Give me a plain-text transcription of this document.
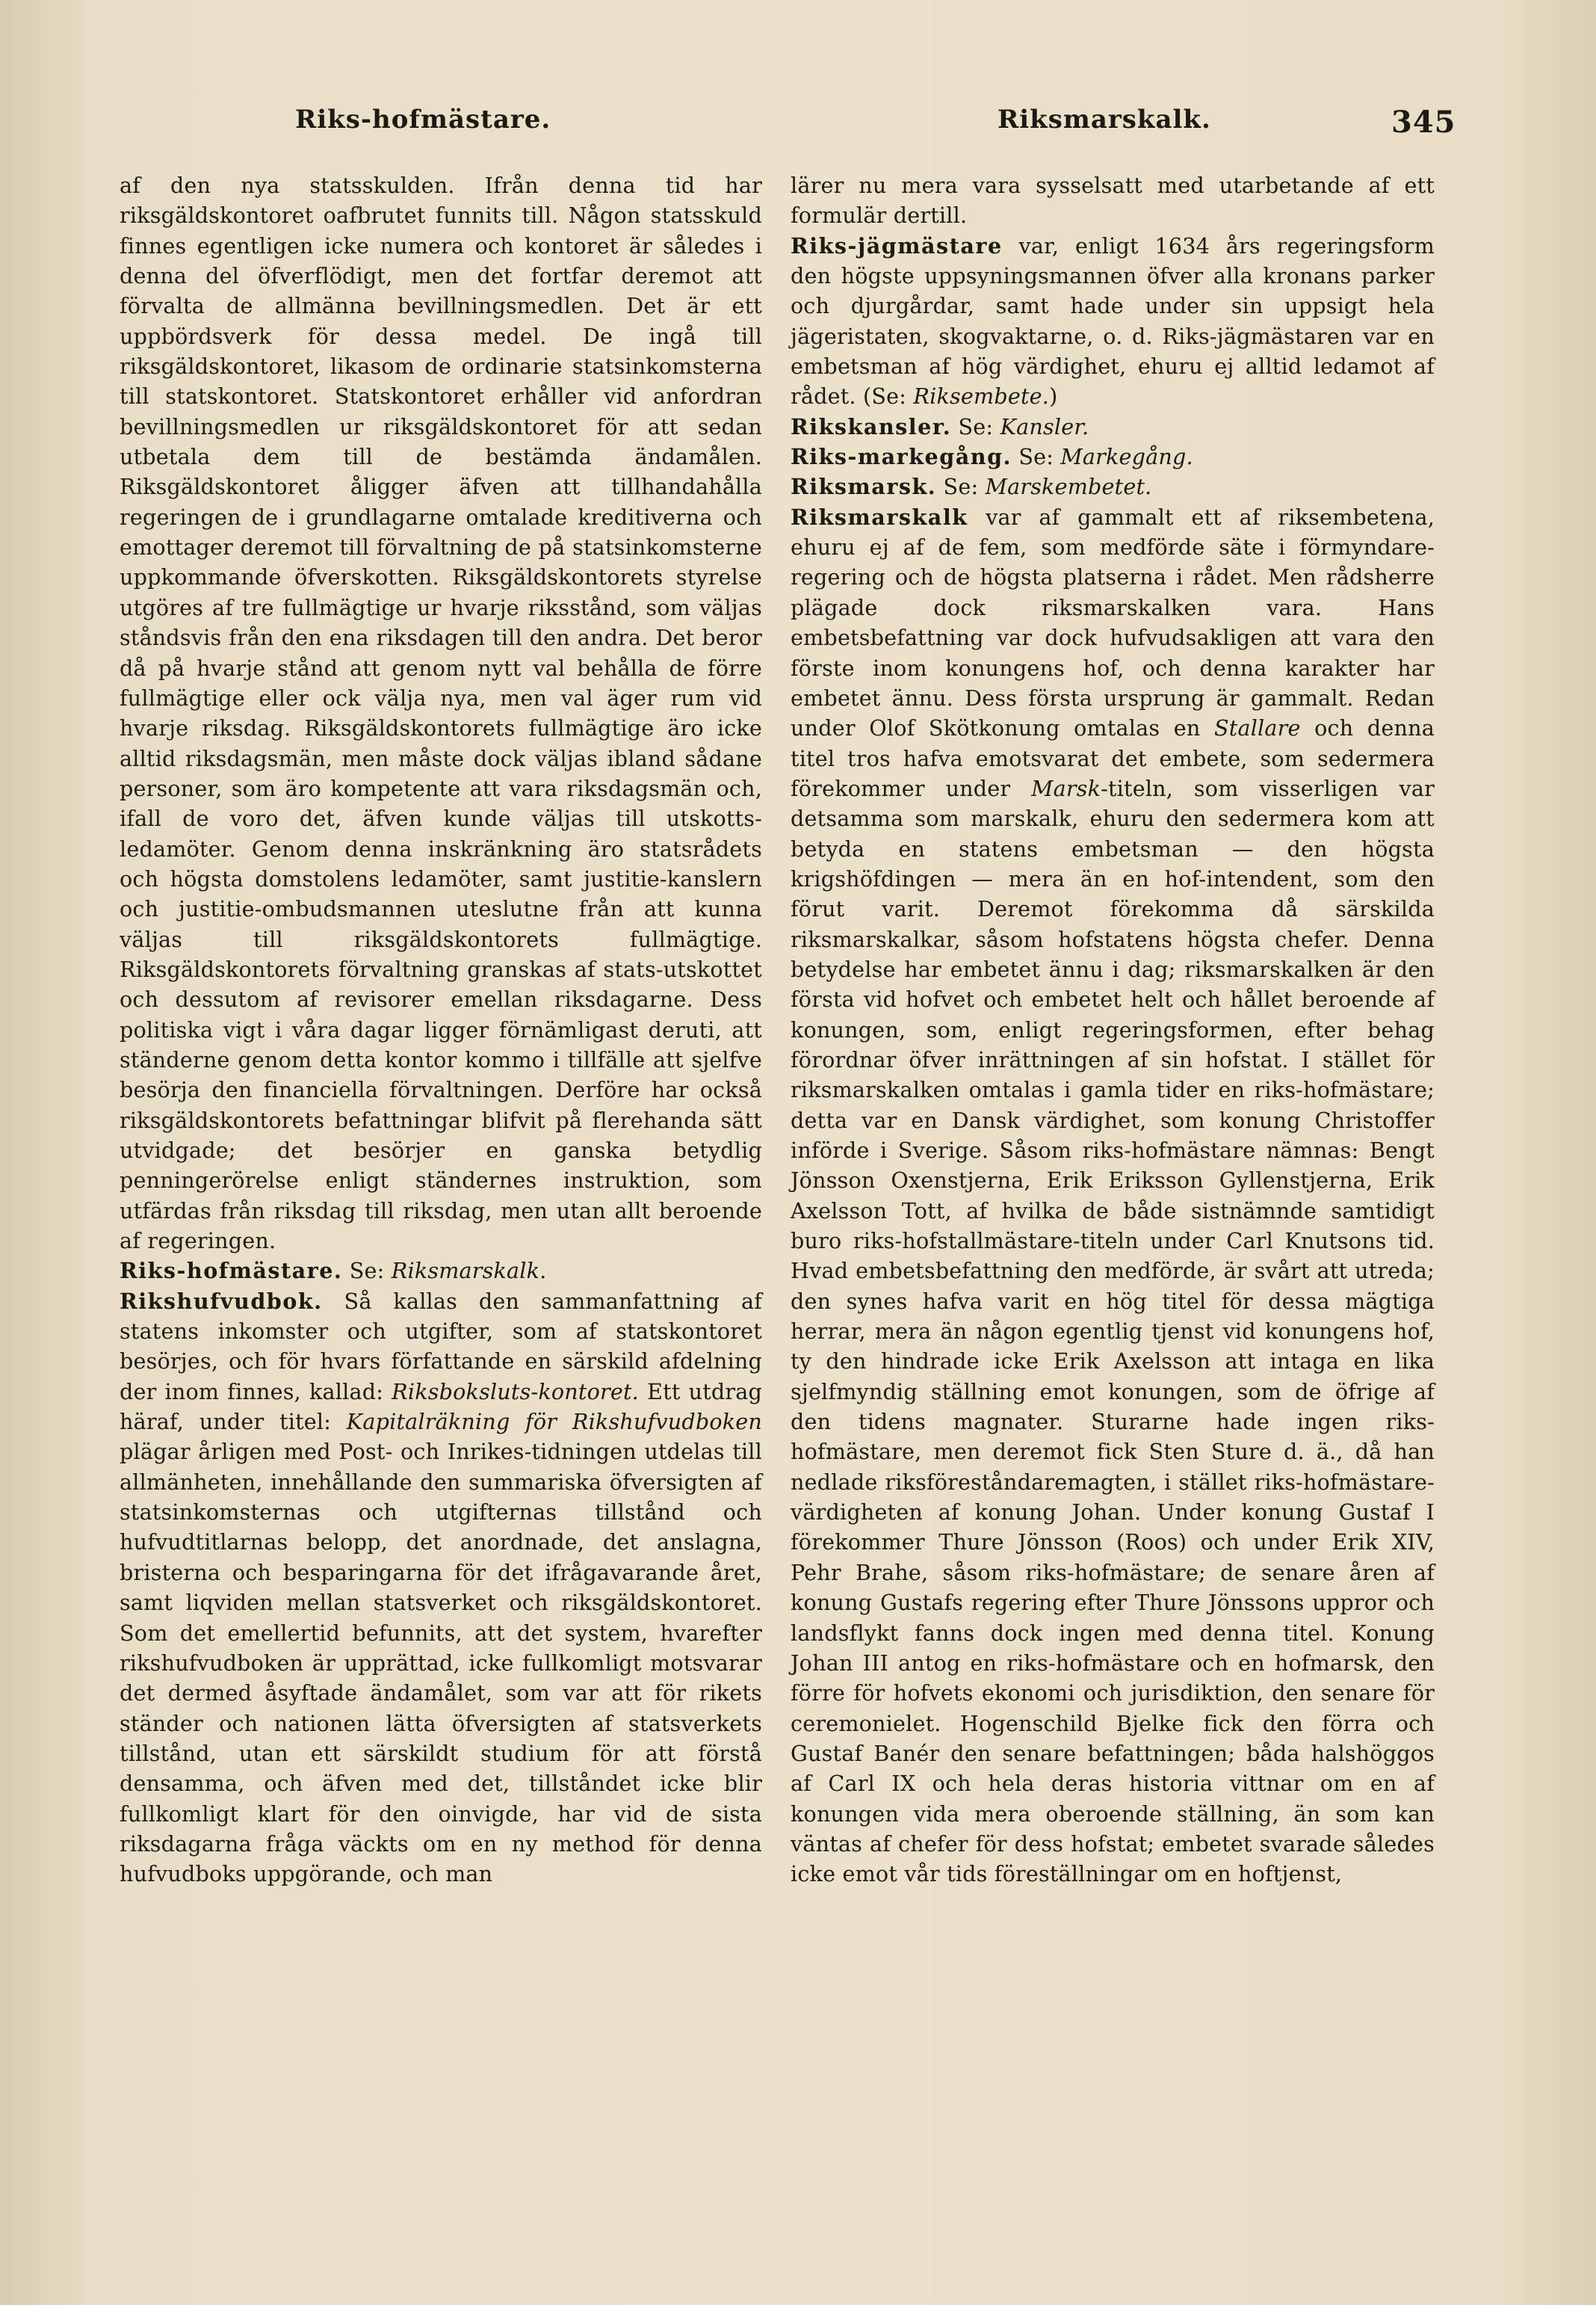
Riks-hofmästare.	Riksmarskalk.	345

af den nya statsskulden. Ifrån denna tid har riksgäldskontoret oafbrutet funnits till. Någon statsskuld finnes egentligen icke numera och kontoret är således i denna del öfverflödigt, men det fortfar deremot att förvalta de allmänna bevillningsmedlen. Det är ett uppbördsverk för dessa medel. De ingå till riksgäldskontoret, likasom de ordinarie statsinkomsterna till statskontoret. Statskontoret erhåller vid anfordran bevillningsmedlen ur riksgäldskontoret för att sedan utbetala dem till de bestämda ändamålen. Riksgäldskontoret åligger äfven att tillhandahålla regeringen de i grundlagarne omtalade kreditiverna och emottager deremot till förvaltning de på statsinkomsterne uppkommande öfverskotten. Riksgäldskontorets styrelse utgöres af tre fullmägtige ur hvarje riksstånd, som väljas ståndsvis från den ena riksdagen till den andra. Det beror då på hvarje stånd att genom nytt val behålla de förre fullmägtige eller ock välja nya, men val äger rum vid hvarje riksdag. Riksgäldskontorets fullmägtige äro icke alltid riksdagsmän, men måste dock väljas ibland sådane personer, som äro kompetente att vara riksdagsmän och, ifall de voro det, äfven kunde väljas till utskotts-ledamöter. Genom denna inskränkning äro statsrådets och högsta domstolens ledamöter, samt justitie-kanslern och justitie-ombudsmannen uteslutne från att kunna väljas till riksgäldskontorets fullmägtige. Riksgäldskontorets förvaltning granskas af stats-utskottet och dessutom af revisorer emellan riksdagarne. Dess politiska vigt i våra dagar ligger förnämligast deruti, att ständerne genom detta kontor kommo i tillfälle att sjelfve besörja den financiella förvaltningen. Derföre har också riksgäldskontorets befattningar blifvit på flerehanda sätt utvidgade; det besörjer en ganska betydlig penningerörelse enligt ständernes instruktion, som utfärdas från riksdag till riksdag, men utan allt beroende af regeringen.

Riks-hofmästare. Se: Riksmarskalk.

Rikshufvudbok. Så kallas den sammanfattning af statens inkomster och utgifter, som af statskontoret besörjes, och för hvars författande en särskild afdelning der inom finnes, kallad: Riksboksluts-kontoret. Ett utdrag häraf, under titel: Kapitalräkning för Rikshufvudboken plägar årligen med Post- och Inrikes-tidningen utdelas till allmänheten, innehållande den summariska öfversigten af statsinkomsternas och utgifternas tillstånd och hufvudtitlarnas belopp, det anordnade, det anslagna, bristerna och besparingarna för det ifrågavarande året, samt liqviden mellan statsverket och riksgäldskontoret. Som det emellertid befunnits, att det system, hvarefter rikshufvudboken är upprättad, icke fullkomligt motsvarar det dermed åsyftade ändamålet, som var att för rikets ständer och nationen lätta öfversigten af statsverkets tillstånd, utan ett särskildt studium för att förstå densamma, och äfven med det, tillståndet icke blir fullkomligt klart för den oinvigde, har vid de sista riksdagarna fråga väckts om en ny method för denna hufvudboks uppgörande, och man

lärer nu mera vara sysselsatt med utarbetande af ett formulär dertill.

Riks-jägmästare var, enligt 1634 års regeringsform den högste uppsyningsmannen öfver alla kronans parker och djurgårdar, samt hade under sin uppsigt hela jägeristaten, skogvaktarne, o. d. Riks-jägmästaren var en embetsman af hög värdighet, ehuru ej alltid ledamot af rådet. (Se: Riksembete.)

Rikskansler. Se: Kansler.

Riks-markegång. Se: Markegång.

Riksmarsk. Se: Marskembetet.

Riksmarskalk var af gammalt ett af riksembetena, ehuru ej af de fem, som medförde säte i förmyndare-regering och de högsta platserna i rådet. Men rådsherre plägade dock riksmarskalken vara. Hans embetsbefattning var dock hufvudsakligen att vara den förste inom konungens hof, och denna karakter har embetet ännu. Dess första ursprung är gammalt. Redan under Olof Skötkonung omtalas en Stallare och denna titel tros hafva emotsvarat det embete, som sedermera förekommer under Marsk-titeln, som visserligen var detsamma som marskalk, ehuru den sedermera kom att betyda en statens embetsman — den högsta krigshöfdingen — mera än en hof-intendent, som den förut varit. Deremot förekomma då särskilda riksmarskalkar, såsom hofstatens högsta chefer. Denna betydelse har embetet ännu i dag; riksmarskalken är den första vid hofvet och embetet helt och hållet beroende af konungen, som, enligt regeringsformen, efter behag förordnar öfver inrättningen af sin hofstat. I stället för riksmarskalken omtalas i gamla tider en riks-hofmästare; detta var en Dansk värdighet, som konung Christoffer införde i Sverige. Såsom riks-hofmästare nämnas: Bengt Jönsson Oxenstjerna, Erik Eriksson Gyllenstjerna, Erik Axelsson Tott, af hvilka de både sistnämnde samtidigt buro riks-hofstallmästare-titeln under Carl Knutsons tid. Hvad embetsbefattning den medförde, är svårt att utreda; den synes hafva varit en hög titel för dessa mägtiga herrar, mera än någon egentlig tjenst vid konungens hof, ty den hindrade icke Erik Axelsson att intaga en lika sjelfmyndig ställning emot konungen, som de öfrige af den tidens magnater. Sturarne hade ingen riks-hofmästare, men deremot fick Sten Sture d. ä., då han nedlade riksföreståndaremagten, i stället riks-hofmästare-värdigheten af konung Johan. Under konung Gustaf I förekommer Thure Jönsson (Roos) och under Erik XIV, Pehr Brahe, såsom riks-hofmästare; de senare åren af konung Gustafs regering efter Thure Jönssons uppror och landsflykt fanns dock ingen med denna titel. Konung Johan III antog en riks-hofmästare och en hofmarsk, den förre för hofvets ekonomi och jurisdiktion, den senare för ceremonielet. Hogenschild Bjelke fick den förra och Gustaf Banér den senare befattningen; båda halshöggos af Carl IX och hela deras historia vittnar om en af konungen vida mera oberoende ställning, än som kan väntas af chefer för dess hofstat; embetet svarade således icke emot vår tids föreställningar om en hoftjenst,
